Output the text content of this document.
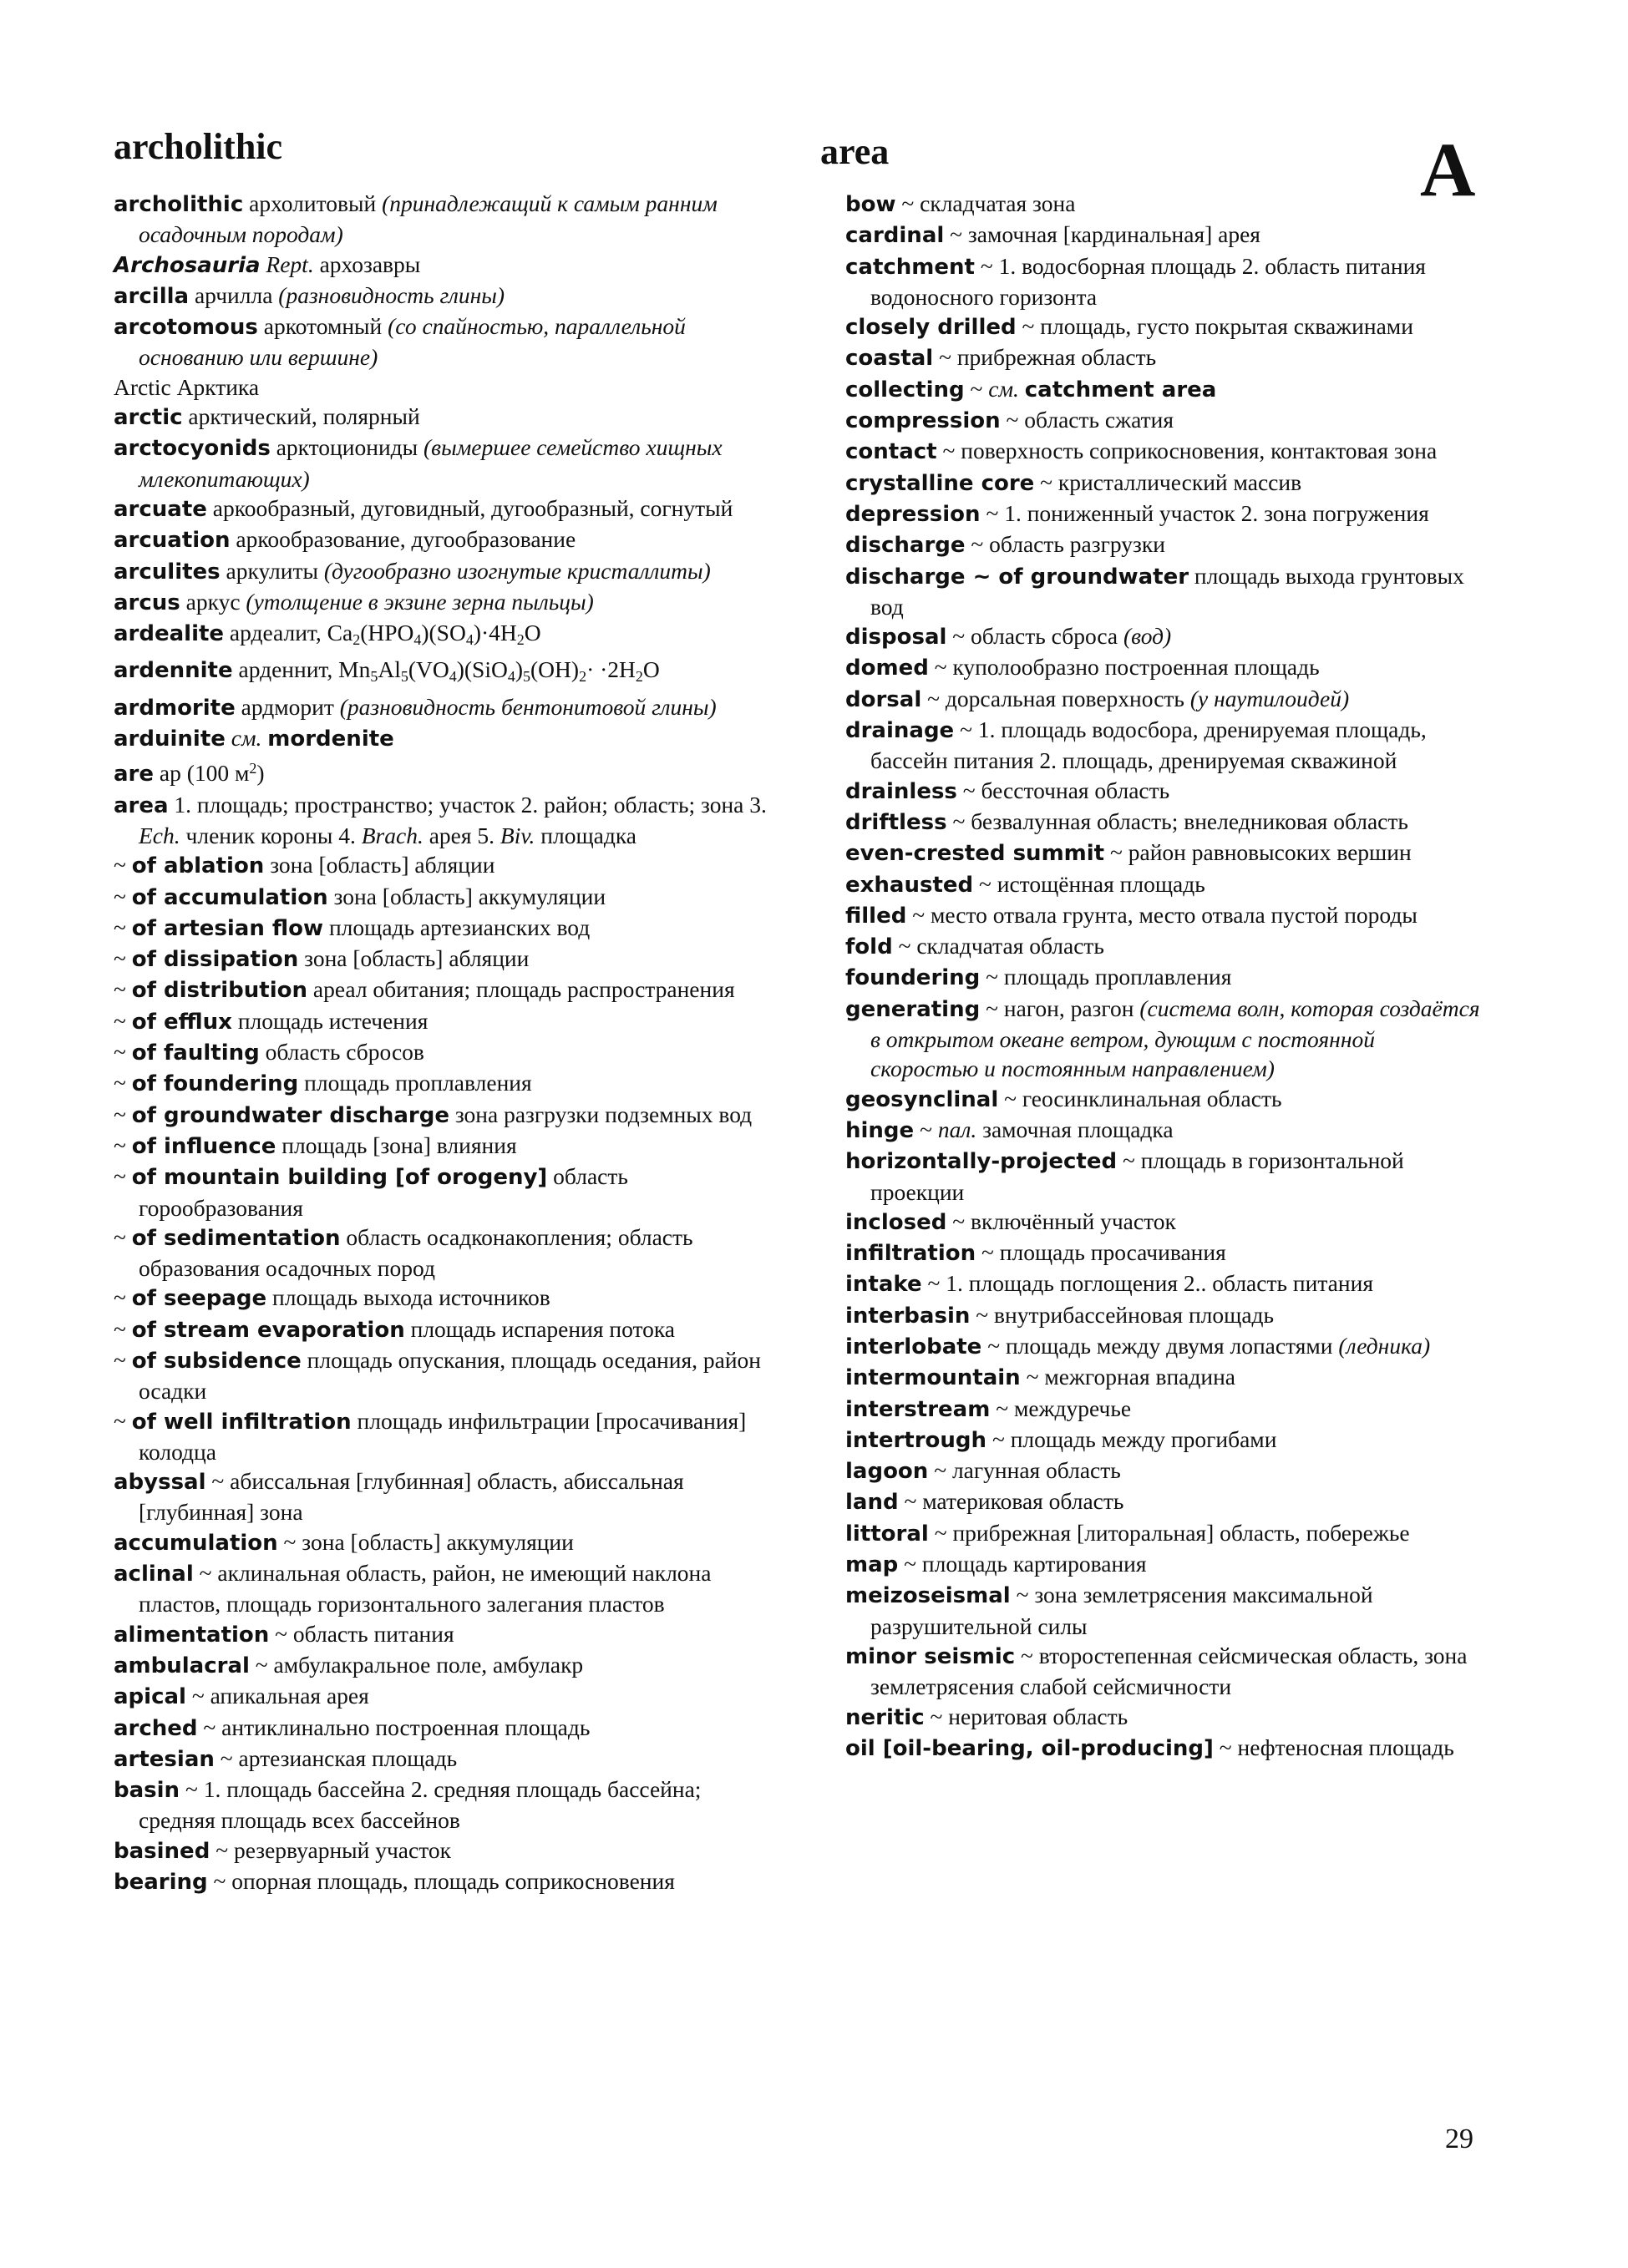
archolithic	area	A
archolithic архолитовый (принадлежащий к самым ранним осадочным породам)
Archosauria Rept. архозавры
arcilla арчилла (разновидность глины)
arcotomous аркотомный (со спайностью, параллельной основанию или вершине)
Arctic Арктика
arctic арктический, полярный
arctocyonids арктоциониды (вымершее семейство хищных млекопитающих)
arcuate аркообразный, дуговидный, дугообразный, согнутый
arcuation аркообразование, дугообразование
arculites аркулиты (дугообразно изогнутые кристаллиты)
arcus аркус (утолщение в экзине зерна пыльцы)
ardealite ардеалит, Ca2(HPO4)(SO4)·4H2O
ardennite арденнит, Mn5Al5(VO4)(SiO4)5(OH)2· ·2H2O
ardmorite ардморит (разновидность бентонитовой глины)
arduinite см. mordenite
are ар (100 $м^2$)
area 1. площадь; пространство; участок 2. район; область; зона 3. Ech. членик короны 4. Brach. арея 5. Biv. площадка
~ of ablation зона [область] абляции
~ of accumulation зона [область] аккумуляции
~ of artesian flow площадь артезианских вод
~ of dissipation зона [область] абляции
~ of distribution ареал обитания; площадь распространения
~ of efflux площадь истечения
~ of faulting область сбросов
~ of foundering площадь проплавления
~ of groundwater discharge зона разгрузки подземных вод
~ of influence площадь [зона] влияния
~ of mountain building [of orogeny] область горообразования
~ of sedimentation область осадконакопления; область образования осадочных пород
~ of seepage площадь выхода источников
~ of stream evaporation площадь испарения потока
~ of subsidence площадь опускания, площадь оседания, район осадки
~ of well infiltration площадь инфильтрации [просачивания] колодца
abyssal ~ абиссальная [глубинная] область, абиссальная [глубинная] зона
accumulation ~ зона [область] аккумуляции
aclinal ~ аклинальная область, район, не имеющий наклона пластов, площадь горизонтального залегания пластов
alimentation ~ область питания
ambulacral ~ амбулакральное поле, амбулакр
apical ~ апикальная арея
arched ~ антиклинально построенная площадь
artesian ~ артезианская площадь
basin ~ 1. площадь бассейна 2. средняя площадь бассейна; средняя площадь всех бассейнов
basined ~ резервуарный участок
bearing ~ опорная площадь, площадь соприкосновения
bow ~ складчатая зона
cardinal ~ замочная [кардинальная] арея
catchment ~ 1. водосборная площадь 2. область питания водоносного горизонта
closely drilled ~ площадь, густо покрытая скважинами
coastal ~ прибрежная область
collecting ~ см. catchment area
compression ~ область сжатия
contact ~ поверхность соприкосновения, контактовая зона
crystalline core ~ кристаллический массив
depression ~ 1. пониженный участок 2. зона погружения
discharge ~ область разгрузки
discharge ~ of groundwater площадь выхода грунтовых вод
disposal ~ область сброса (вод)
domed ~ куполообразно построенная площадь
dorsal ~ дорсальная поверхность (у наутилоидей)
drainage ~ 1. площадь водосбора, дренируемая площадь, бассейн питания 2. площадь, дренируемая скважиной
drainless ~ бессточная область
driftless ~ безвалунная область; внеледниковая область
even-crested summit ~ район равновысоких вершин
exhausted ~ истощённая площадь
filled ~ место отвала грунта, место отвала пустой породы
fold ~ складчатая область
foundering ~ площадь проплавления
generating ~ нагон, разгон (система волн, которая создаётся в открытом океане ветром, дующим с постоянной скоростью и постоянным направлением)
geosynclinal ~ геосинклинальная область
hinge ~ пал. замочная площадка
horizontally-projected ~ площадь в горизонтальной проекции
inclosed ~ включённый участок
infiltration ~ площадь просачивания
intake ~ 1. площадь поглощения 2.. область питания
interbasin ~ внутрибассейновая площадь
interlobate ~ площадь между двумя лопастями (ледника)
intermountain ~ межгорная впадина
interstream ~ междуречье
intertrough ~ площадь между прогибами
lagoon ~ лагунная область
land ~ материковая область
littoral ~ прибрежная [литоральная] область, побережье
map ~ площадь картирования
meizoseismal ~ зона землетрясения максимальной разрушительной силы
minor seismic ~ второстепенная сейсмическая область, зона землетрясения слабой сейсмичности
neritic ~ неритовая область
oil [oil-bearing, oil-producing] ~ нефтеносная площадь
29
